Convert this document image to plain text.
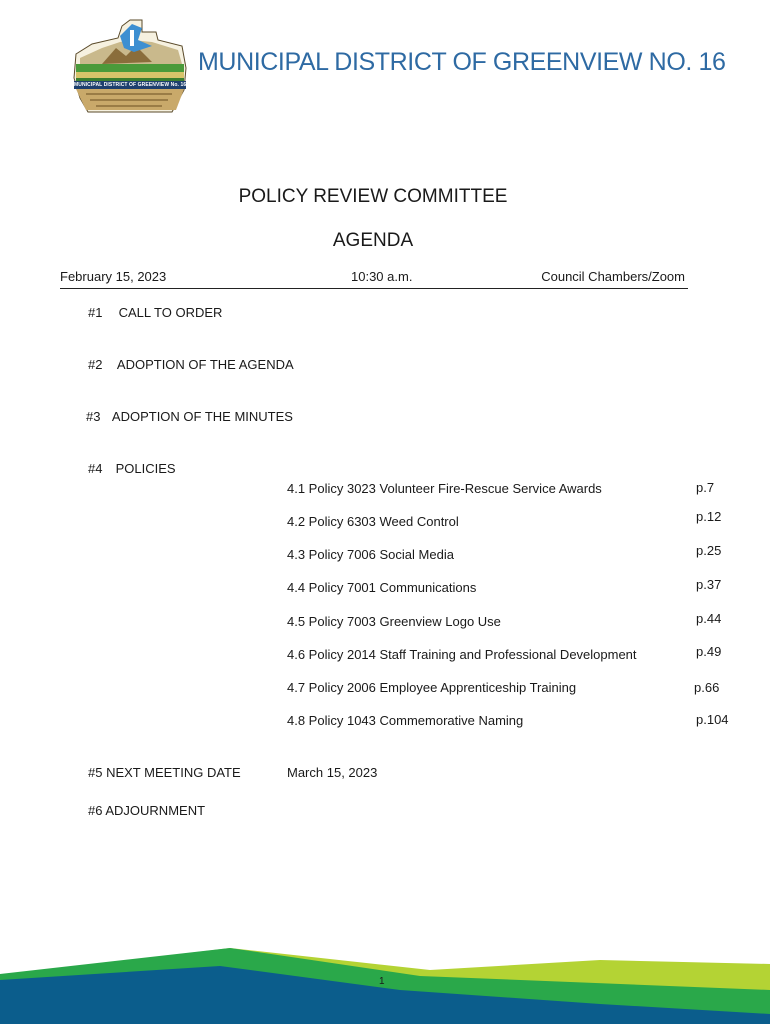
MUNICIPAL DISTRICT OF GREENVIEW No. 16
MUNICIPAL DISTRICT OF GREENVIEW NO. 16
POLICY REVIEW COMMITTEE
AGENDA
February 15, 2023	10:30 a.m.	Council Chambers/Zoom
#1 CALL TO ORDER
#2 ADOPTION OF THE AGENDA
#3 ADOPTION OF THE MINUTES
#4 POLICIES
4.1 Policy 3023 Volunteer Fire-Rescue Service Awards	p.7
4.2 Policy 6303 Weed Control	p.12
4.3 Policy 7006 Social Media	p.25
4.4 Policy 7001 Communications	p.37
4.5 Policy 7003 Greenview Logo Use	p.44
4.6 Policy 2014 Staff Training and Professional Development	p.49
4.7 Policy 2006 Employee Apprenticeship Training	p.66
4.8 Policy 1043 Commemorative Naming	p.104
#5 NEXT MEETING DATE	March 15, 2023
#6 ADJOURNMENT
1
